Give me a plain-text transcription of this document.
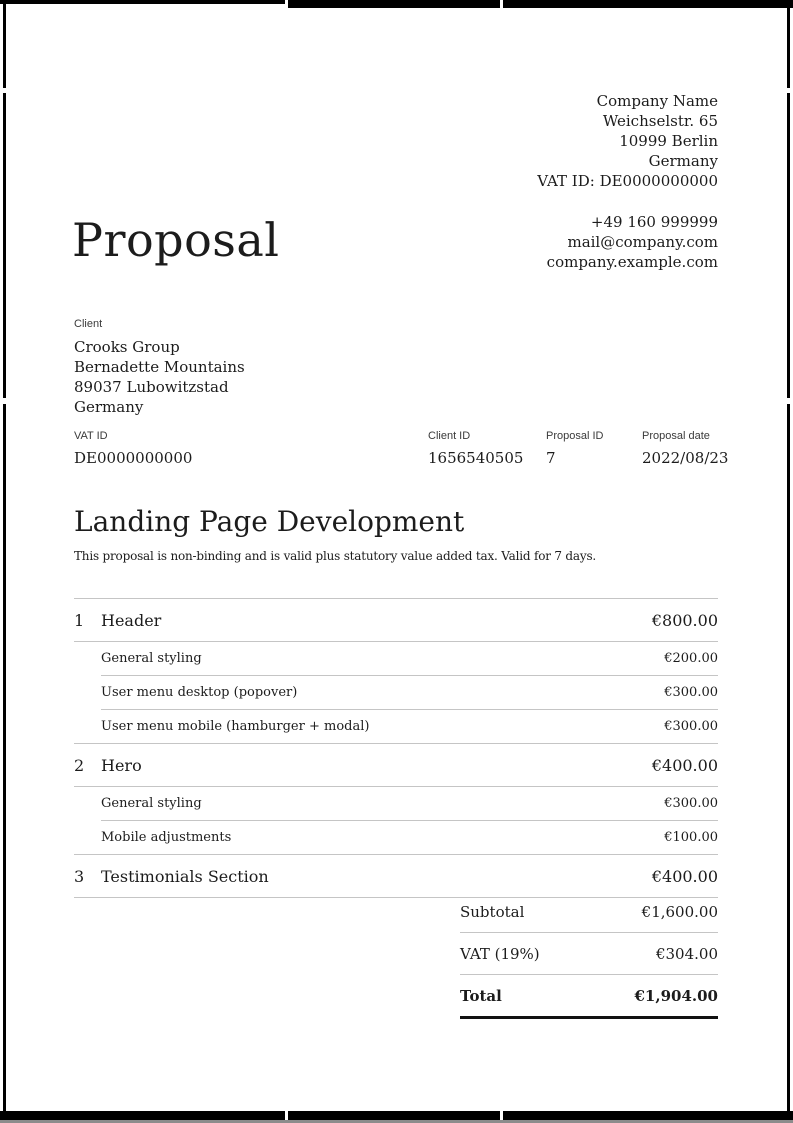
Company Name
Weichselstr. 65
10999 Berlin
Germany
VAT ID: DE0000000000
+49 160 999999
mail@company.com
company.example.com
Proposal
Client
Crooks Group
Bernadette Mountains
89037 Lubowitzstad
Germany
VAT ID
DE0000000000
Client ID
1656540505
Proposal ID
7
Proposal date
2022/08/23
Landing Page Development
This proposal is non-binding and is valid plus statutory value added tax. Valid for 7 days.
1	Header	€800.00
General styling	€200.00
User menu desktop (popover)	€300.00
User menu mobile (hamburger + modal)	€300.00
2	Hero	€400.00
General styling	€300.00
Mobile adjustments	€100.00
3	Testimonials Section	€400.00
Subtotal	€1,600.00
VAT (19%)	€304.00
Total	€1,904.00
